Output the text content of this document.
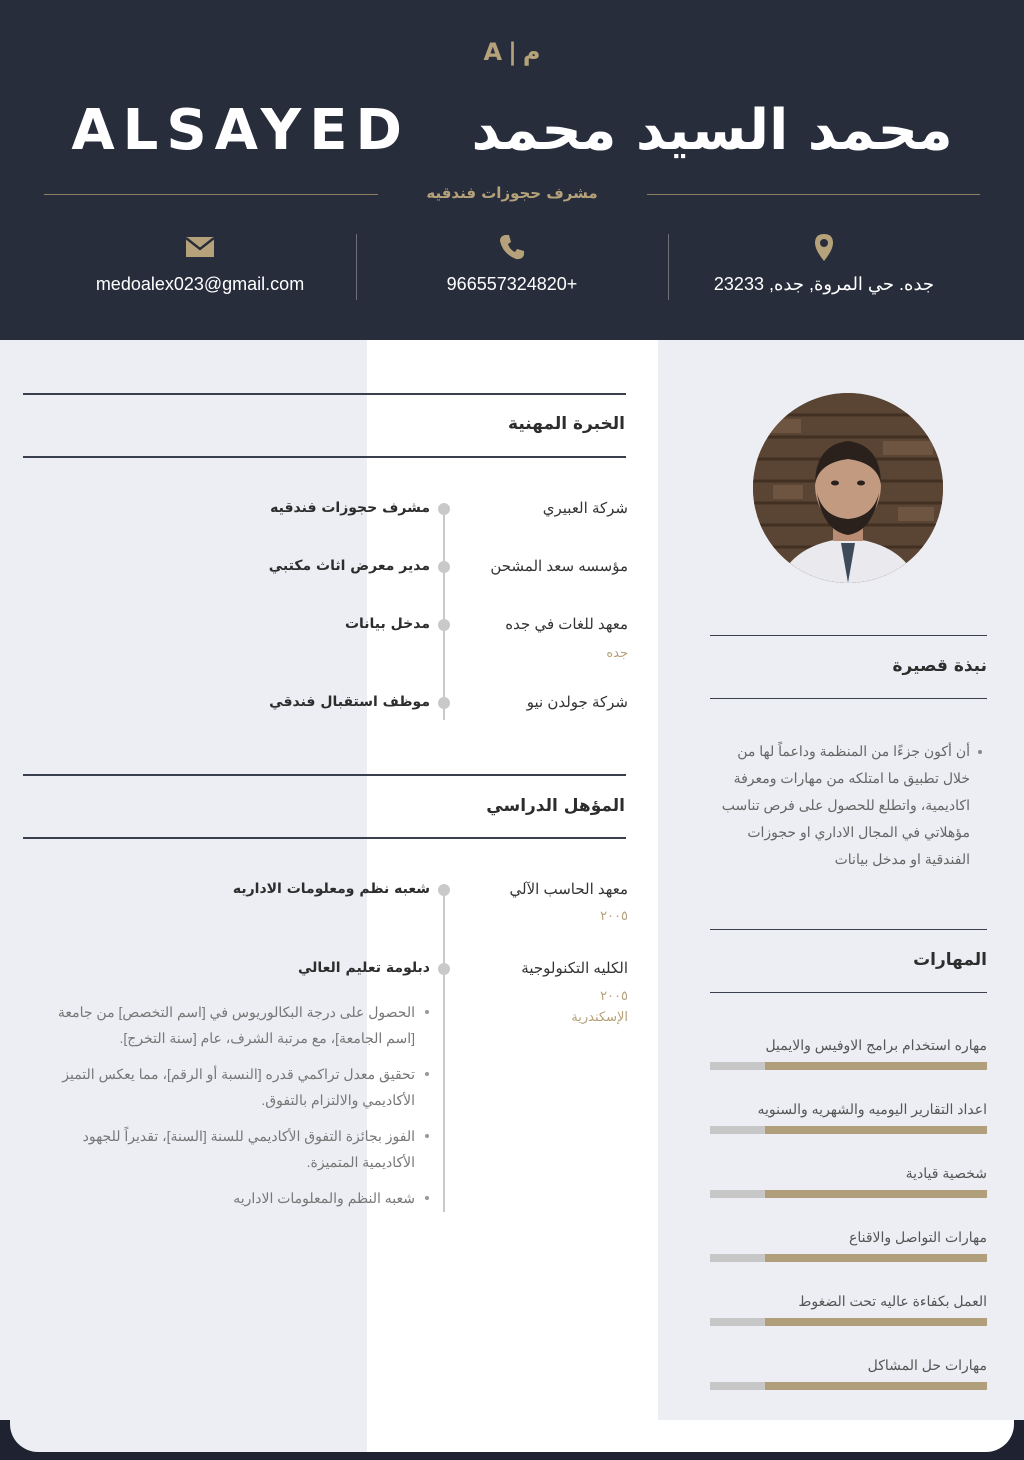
A | م
ALSAYED محمد السيد محمد
مشرف حجوزات فندقيه
medoalex023@gmail.com	966557324820+	جده. حي المروة, جده, 23233
الخبرة المهنية
شركة العبيري
مشرف حجوزات فندقيه
مؤسسه سعد المشحن
مدير معرض اثاث مكتبي
معهد للغات في جده
جده
مدخل بيانات
شركة جولدن نيو
موظف استقبال فندقي
المؤهل الدراسي
معهد الحاسب الآلي
٢٠٠٥
شعبه نظم ومعلومات الاداريه
الكليه التكنولوجية
٢٠٠٥
الإسكندرية
دبلومة تعليم العالي
الحصول على درجة البكالوريوس في [اسم التخصص] من جامعة [اسم الجامعة]، مع مرتبة الشرف، عام [سنة التخرج].
تحقيق معدل تراكمي قدره [النسبة أو الرقم]، مما يعكس التميز الأكاديمي والالتزام بالتفوق.
الفوز بجائزة التفوق الأكاديمي للسنة [السنة]، تقديراً للجهود الأكاديمية المتميزة.
شعبه النظم والمعلومات الاداريه
نبذة قصيرة
أن أكون جزءًا من المنظمة وداعماً لها من خلال تطبيق ما امتلكه من مهارات ومعرفة اكاديمية، واتطلع للحصول على فرص تناسب مؤهلاتي في المجال الاداري او حجوزات الفندقية او مدخل بيانات
المهارات
مهاره استخدام برامج الاوفيس والايميل
اعداد التقارير اليوميه والشهريه والسنويه
شخصية قيادية
مهارات التواصل والاقناع
العمل بكفاءة عاليه تحت الضغوط
مهارات حل المشاكل
